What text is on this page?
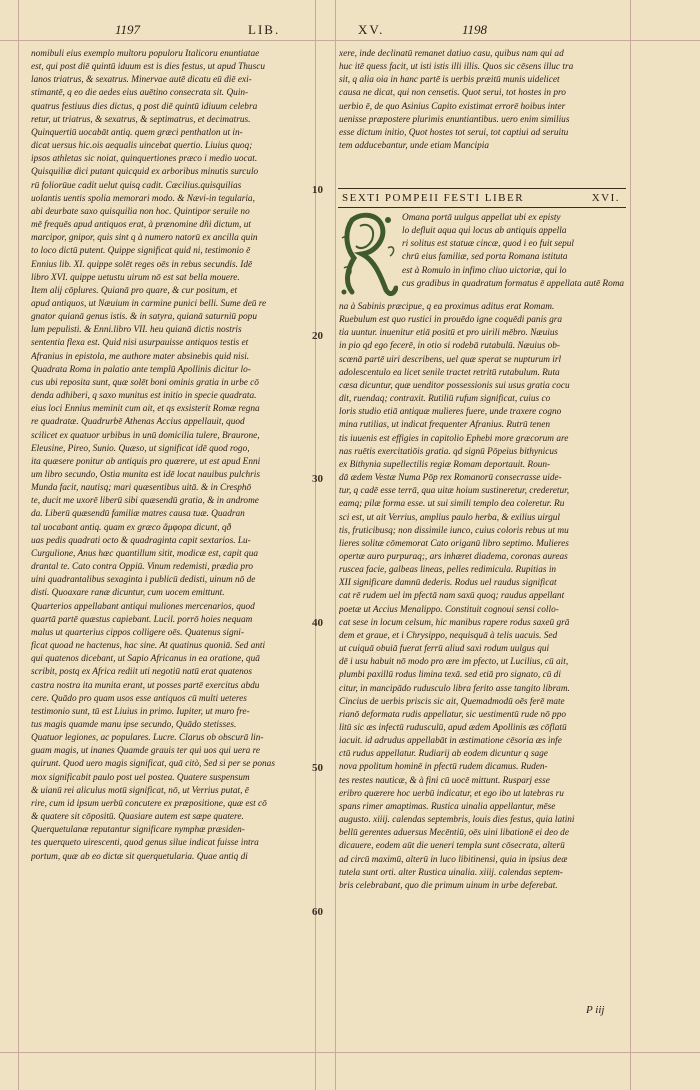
1197	LIB.	XV.	1198

nomibuli eius exemplo multoru populoru Italicoru enuntiatae

est, qui post diē quintū iduum est is dies festus, ut apud Thuscu

lanos triatrus, & sexatrus. Minervae autē dicatu eū diē exi-

stimantē, q eo die aedes eius auētino consecrata sit. Quin-

quatrus festiuus dies dictus, q post diē quintū idiuum celebra

retur, ut triatrus, & sexatrus, & septimatrus, et decimatrus.

Quinquertiū uocabāt antiq. quem græci penthatlon ut in-

dicat uersus hic.ois aequalis uincebat quertio. Liuius quoq;

ipsos athletas sic noiat, quinquertiones præco i medio uocat.

Quisquiliæ dici putant quicquid ex arboribus minutis surculo

rū foliorūue cadit uelut quisq cadit. Cæcilius.quisquilias

uolantis uentis spolia memorari modo. & Nævi-in tegularia,

abi deurbate saxo quisquilia non hoc. Quintipor seruile no

mē frequēs apud antiquos erat, à prænomine dñi dictum, ut

marcipor, gnipor, quis sint q à numero natorū ex ancilla quin

to loco dictū putent. Quippe significat quid ni, testimonio ē

Ennius lib. XI. quippe solēt reges oēs in rebus secundis. Idē

libro XVI. quippe uetustu uirum nō est sat bella mouere.

Item alij cōplures. Quianā pro quare, & cur positum, et

apud antiquos, ut Næuium in carmine punici belli. Sume deū re

gnator quianā genus istis. & in satyra, quianā saturniū popu

lum pepulisti. & Enni.libro VII. heu quianā dictis nostris

sententia flexa est. Quid nisi usurpauisse antiquos testis et

Afranius in epistola, me authore mater absinebis quid nisi.

Quadrata Roma in palatio ante templū Apollinis dicitur lo-

cus ubi reposita sunt, quæ solēt boni ominis gratia in urbe cō

denda adhiberi, q saxo munitus est initio in specie quadrata.

eius loci Ennius meminit cum ait, et qs exsisterit Romæ regna

re quadratæ. Quadrurbē Athenas Accius appellauit, quod

scilicet ex quatuor urbibus in unū domicilia tulere, Braurone,

Eleusine, Pireo, Sunio. Quæso, ut significat idē quod rogo,

ita quæsere ponitur ab antiquis pro quærere, ut est apud Enni

um libro secundo, Ostia munita est idē locat nauibus pulchris

Munda facit, nautisq; mari quæsentibus uitā. & in Cresphō

te, ducit me uxorē liberū sibi quæsendū gratia, & in androme

da. Liberū quæsendū familiæ matres causa tuæ. Quadran

tal uocabant antiq. quam ex græco ἄμφορα dicunt, qð

uas pedis quadrati octo & quadraginta capit sextarios. Lu-

Curgulione, Anus hæc quantillum sitit, modicæ est, capit qua

drantal te. Cato contra Oppiū. Vinum redemisti, prædia pro

uini quadrantalibus sexaginta i publicū dedisti, uinum nō de

disti. Quoaxare ranæ dicuntur, cum uocem emittunt.

Quarterios appellabant antiqui muliones mercenarios, quod

quartā partē quæstus capiebant. Lucil. porrō hoies nequam

malus ut quarterius cippos colligere oēs. Quatenus signi-

ficat quoad ne hactenus, hac sine. At quatinus quoniā. Sed anti

qui quatenos dicebant, ut Sapio Africanus in ea oratione, quā

scribit, postq ex Africa rediit uti negotiū natū erat quatenos

castra nostra ita munita erant, ut posses partē exercitus abdu

cere. Quādo pro quam usos esse antiquos cū multi ueteres

testimonio sunt, tū est Liuius in primo. Iupiter, ut muro fre-

tus magis quamde manu ipse secundo, Quādo stetisses.

Quatuor legiones, ac populares. Lucre. Clarus ob obscurā lin-

guam magis, ut inanes Quamde grauis ter qui uos qui uera re

quirunt. Quod uero magis significat, quā citò, Sed si per se ponas

mox significabit paulo post uel postea. Quatere suspensum

& uianū rei aliculus motū significat, nō, ut Verrius putat, ē

rire, cum id ipsum uerbū concutere ex præpositione, quæ est cō

& quatere sit cōpositū. Quasiare autem est sæpe quatere.

Querquetulanæ reputantur significare nymphæ præsiden-

tes querqueto uirescenti, quod genus silue indicat fuisse intra

portum, quæ ab eo dictæ sit querquetularia. Quae antiq di

xere, inde declinatū remanet datiuo casu, quibus nam qui ad

huc itē quess facit, ut isti istis illi illis. Quos sic cēsens illuc tra

sit, q alia oia in hanc partē is uerbis præitū munis uidelicet

causa ne dicat, qui non censetis. Quot serui, tot hostes in pro

uerbio ē, de quo Asinius Capito existimat errorē hoibus inter

uenisse præpostere plurimis enuntiantibus. uero enim similius

esse dictum initio, Quot hostes tot serui, tot captiui ad seruitu

tem adducebantur, unde etiam Mancipia

SEXTI POMPEII FESTI LIBER	XVI.

Omana portā uulgus appellat ubi ex episty

lo defluit aqua qui locus ab antiquis appella

ri solitus est statuæ cincæ, quod i eo fuit sepul

chrū eius familiæ, sed porta Romana istituta

est à Romulo in infimo cliuo uictoriæ, qui lo

cus gradibus in quadratum formatus ē appellata autē Roma

na à Sabinis præcipue, q ea proximus aditus erat Romam.

Ruebulum est quo rustici in prouēdo igne coquēdi panis gra

tia uuntur. inuenitur etiā positū et pro uirili mēbro. Næuius

in pio qd ego fecerē, in otio si rodebā rutabulū. Næuius ob-

scœnā partē uiri describens, uel quæ sperat se nupturum irl

adolescentulo ea licet senile tractet retritū rutabulum. Ruta

cæsa dicuntur, quæ uenditor possessionis sui usus gratia cocu

dit, ruendaq; contraxit. Rutiliū rufum significat, cuius co

loris studio etiā antiquæ mulieres fuere, unde traxere cogno

mina rutilias, ut indicat frequenter Afranius. Rutrū tenen

tis iuuenis est effigies in capitolio Ephebi more græcorum are

nas ruētis exercitatiōis gratia. qd signū Pōpeius bithynicus

ex Bithynia supellectilis regiæ Romam deportauit. Roun-

dā ædem Vestæ Numa Pōp rex Romanorū consecrasse uide-

tur, q cadē esse terrā, qua uitæ hoium sustineretur, crederetur,

eamq; pilæ forma esse. ut sui simili templo dea coleretur. Ru

sci est, ut ait Verrius, amplius paulo herba, & exilius uirgul

tis, fruticibusq; non dissimile iunco, cuius coloris rebus ut mu

lieres solitæ cōmemorat Cato origanū libro septimo. Mulieres

opertæ auro purpuraq;, ars inhæret diadema, coronas aureas

ruscea facie, galbeas lineas, pelles redimicula. Rupitias in

XII significare damnū dederis. Rodus uel raudus significat

cat rē rudem uel im pfectā nam saxū quoq; raudus appellant

poetæ ut Accius Menalippo. Constituit cognoui sensi collo-

cat sese in locum celsum, hic manibus rapere rodus saxeū grā

dem et graue, et i Chrysippo, nequisquā à telis uacuis. Sed

ut cuiquā obuiā fuerat ferrū aliud saxi rodum uulgus qui

dē i usu habuit nō modo pro ære im pfecto, ut Lucilius, cū ait,

plumbi paxillū rodus limina texā. sed etiā pro signato, cū di

citur, in mancipādo rudusculo libra ferito asse tangito libram.

Cincius de uerbis priscis sic ait, Quemadmodū oēs ferē mate

rianō deformata rudis appellatur, sic uestimentū rude nō ppo

litū sic æs infectū rudusculū, apud ædem Apollinis æs cōflatū

iacuit. id adrudus appellabāt in æstimatione cēsoria æs infe

ctū rudus appellatur. Rudiarij ab eodem dicuntur q sage

nova ppolitum hominē in pfectū rudem dicamus. Ruden-

tes restes nauticæ, & à fini cū uocē mittunt. Rusparj esse

eribro quærere hoc uerbū indicatur, et ego ibo ut latebras ru

spans rimer amaptimas. Rustica uinalia appellantur, mēse

augusto. xiiij. calendas septembris, louis dies festus, quia latini

bellū gerentes aduersus Mecēntiū, oēs uini libationē ei deo de

dicauere, eodem aūt die ueneri templa sunt cōsecrata, alterū

ad circū maximū, alterū in luco libitinensi, quia in ipsius deæ

tutela sunt orti. alter Rustica uinalia. xiiij. calendas septem-

bris celebrabant, quo die primum uinum in urbe deferebat.

10
20
30
40
50
60
P iij
